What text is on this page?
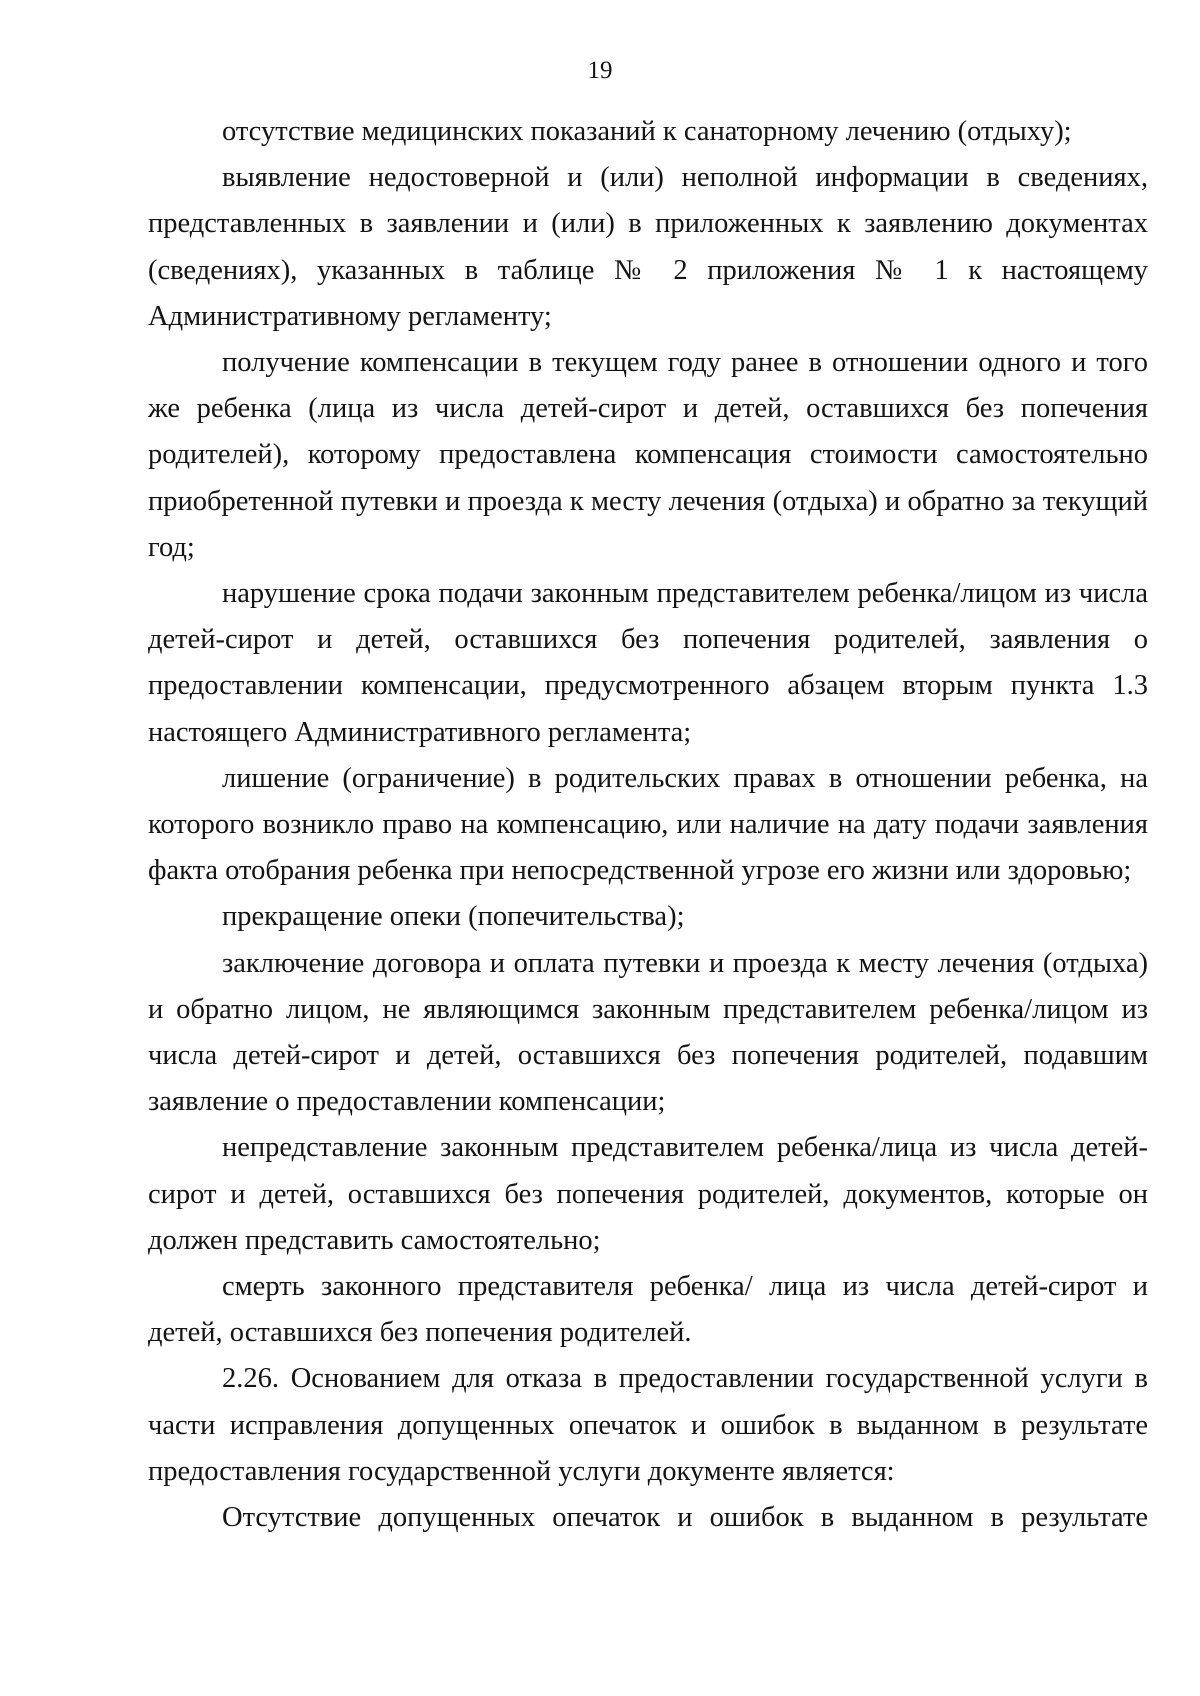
19

отсутствие медицинских показаний к санаторному лечению (отдыху);

выявление недостоверной и (или) неполной информации в сведениях, представленных в заявлении и (или) в приложенных к заявлению документах (сведениях), указанных в таблице № 2 приложения № 1 к настоящему Административному регламенту;

получение компенсации в текущем году ранее в отношении одного и того же ребенка (лица из числа детей-сирот и детей, оставшихся без попечения родителей), которому предоставлена компенсация стоимости самостоятельно приобретенной путевки и проезда к месту лечения (отдыха) и обратно за текущий год;

нарушение срока подачи законным представителем ребенка/лицом из числа детей-сирот и детей, оставшихся без попечения родителей, заявления о предоставлении компенсации, предусмотренного абзацем вторым пункта 1.3 настоящего Административного регламента;

лишение (ограничение) в родительских правах в отношении ребенка, на которого возникло право на компенсацию, или наличие на дату подачи заявления факта отобрания ребенка при непосредственной угрозе его жизни или здоровью;

прекращение опеки (попечительства);

заключение договора и оплата путевки и проезда к месту лечения (отдыха) и обратно лицом, не являющимся законным представителем ребенка/лицом из числа детей-сирот и детей, оставшихся без попечения родителей, подавшим заявление о предоставлении компенсации;

непредставление законным представителем ребенка/лица из числа детей-сирот и детей, оставшихся без попечения родителей, документов, которые он должен представить самостоятельно;

смерть законного представителя ребенка/ лица из числа детей-сирот и детей, оставшихся без попечения родителей.

2.26. Основанием для отказа в предоставлении государственной услуги в части исправления допущенных опечаток и ошибок в выданном в результате предоставления государственной услуги документе является:

Отсутствие допущенных опечаток и ошибок в выданном в результате
